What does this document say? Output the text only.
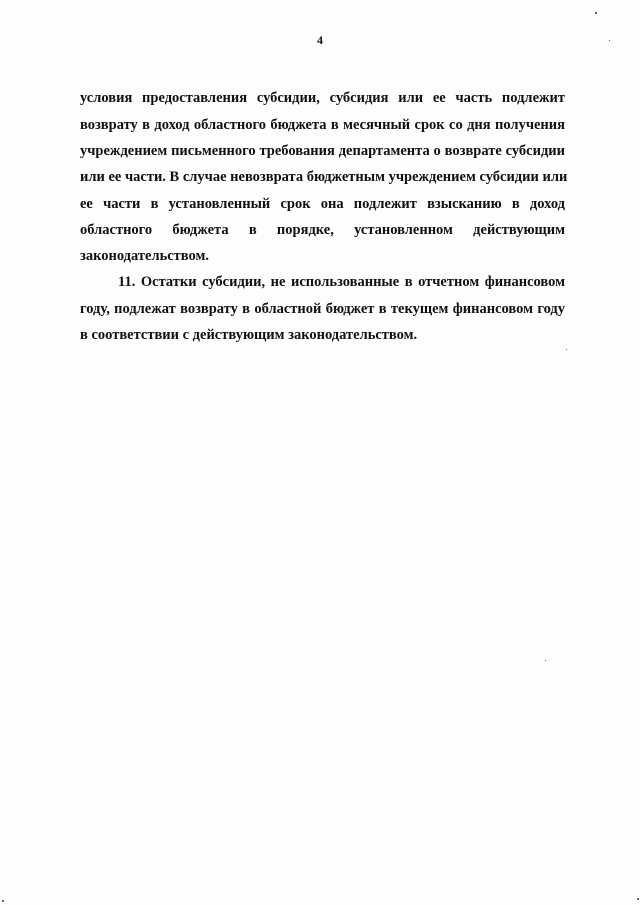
4
условия предоставления субсидии, субсидия или ее часть подлежит
возврату в доход областного бюджета в месячный срок со дня получения
учреждением письменного требования департамента о возврате субсидии
или ее части. В случае невозврата бюджетным учреждением субсидии или
ее части в установленный срок она подлежит взысканию в доход
областного бюджета в порядке, установленном действующим
законодательством.
11. Остатки субсидии, не использованные в отчетном финансовом
году, подлежат возврату в областной бюджет в текущем финансовом году
в соответствии с действующим законодательством.
